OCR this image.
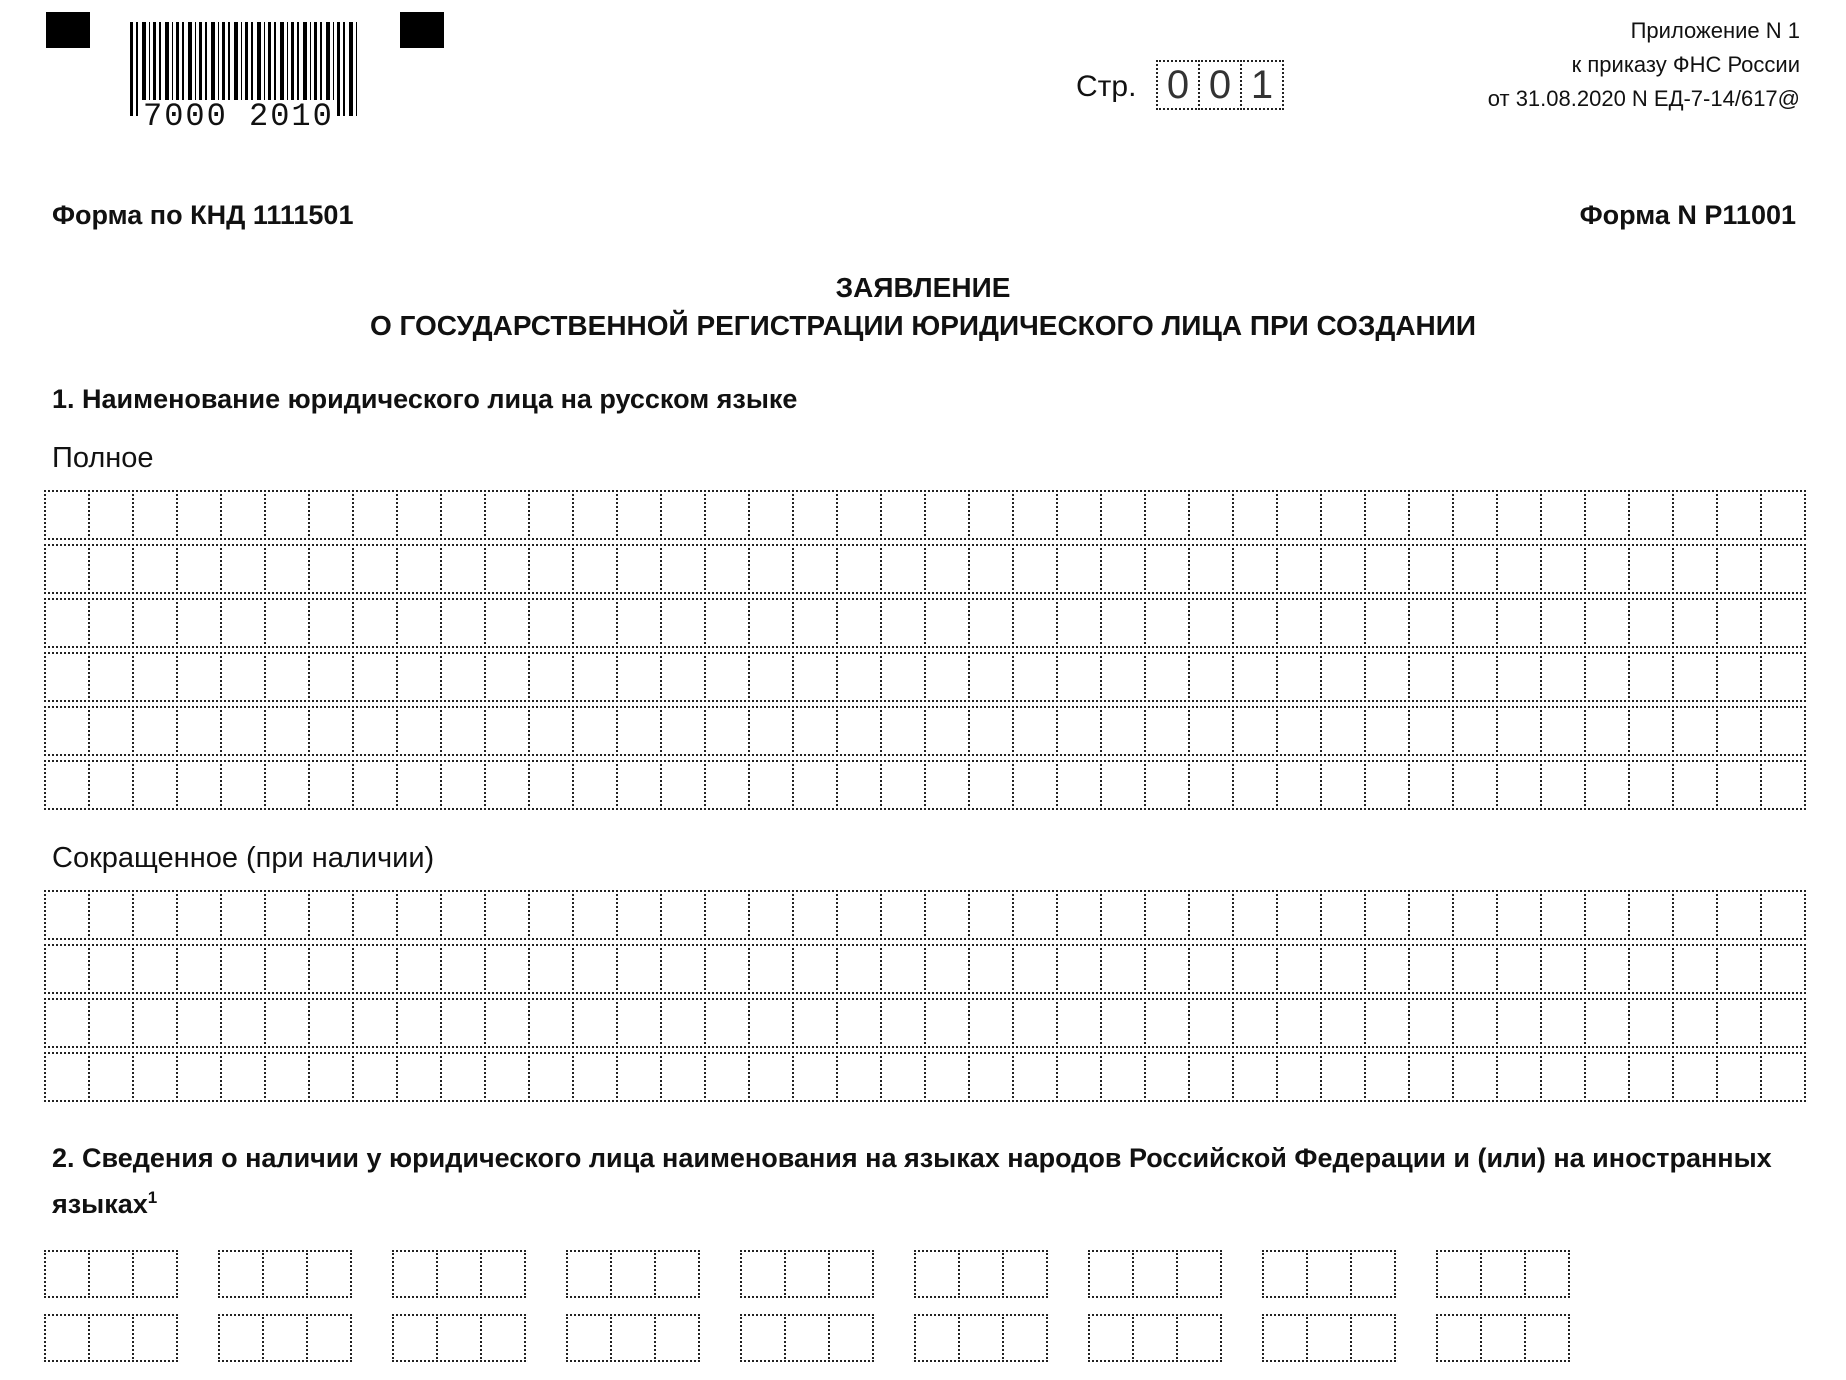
7000 2010
Стр. 0 0 1
Приложение N 1
к приказу ФНС России
от 31.08.2020 N ЕД-7-14/617@
Форма по КНД 1111501	Форма N Р11001
ЗАЯВЛЕНИЕ
О ГОСУДАРСТВЕННОЙ РЕГИСТРАЦИИ ЮРИДИЧЕСКОГО ЛИЦА ПРИ СОЗДАНИИ
1. Наименование юридического лица на русском языке
Полное
Сокращенное (при наличии)
2. Сведения о наличии у юридического лица наименования на языках народов Российской Федерации и (или) на иностранных языках$^1$
